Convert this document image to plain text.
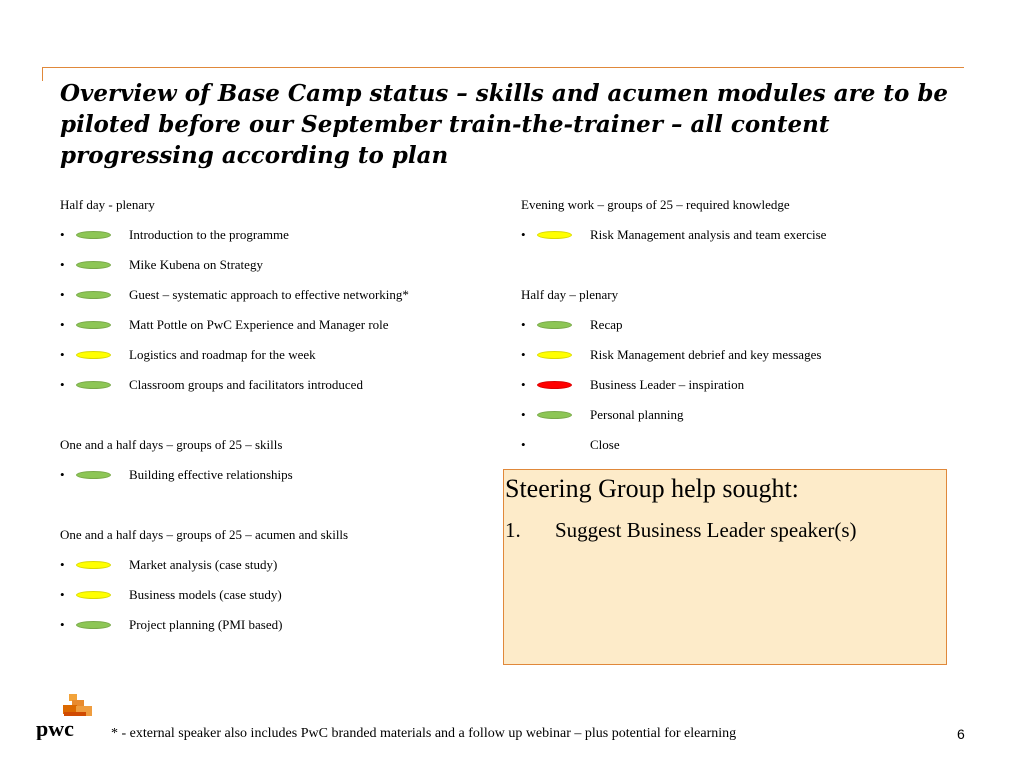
Overview of Base Camp status – skills and acumen modules are to be piloted before our September train-the-trainer – all content progressing according to plan
Half day - plenary
•	Introduction to the programme
•	Mike Kubena on Strategy
•	Guest – systematic approach to effective networking*
•	Matt Pottle on PwC Experience and Manager role
•	Logistics and roadmap for the week
•	Classroom groups and facilitators introduced
One and a half days – groups of 25 – skills
•	Building effective relationships
One and a half days – groups of 25 – acumen and skills
•	Market analysis (case study)
•	Business models (case study)
•	Project planning (PMI based)
Evening work – groups of 25 – required knowledge
•	Risk Management analysis and team exercise
Half day – plenary
•	Recap
•	Risk Management debrief and key messages
•	Business Leader – inspiration
•	Personal planning
•	Close
Steering Group help sought:
1. Suggest Business Leader speaker(s)
pwc	* - external speaker also includes PwC branded materials and a follow up webinar – plus potential for elearning	6
